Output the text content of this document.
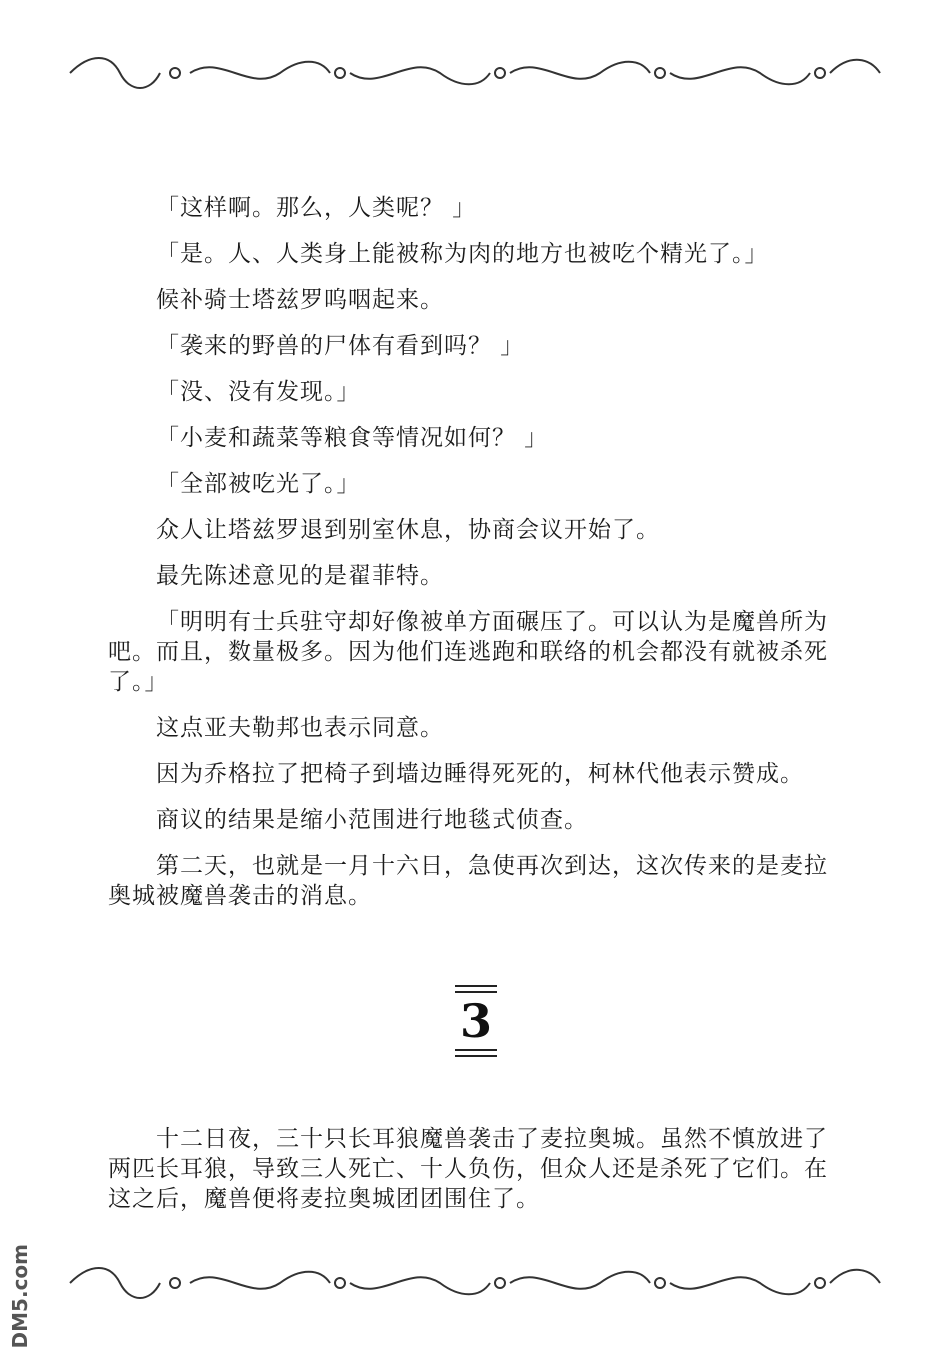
「这样啊。那么，人类呢？ 」

「是。人、人类身上能被称为肉的地方也被吃个精光了。」

候补骑士塔兹罗呜咽起来。

「袭来的野兽的尸体有看到吗？ 」

「没、没有发现。」

「小麦和蔬菜等粮食等情况如何？ 」

「全部被吃光了。」

众人让塔兹罗退到别室休息，协商会议开始了。

最先陈述意见的是翟菲特。

「明明有士兵驻守却好像被单方面碾压了。可以认为是魔兽所为吧。而且，数量极多。因为他们连逃跑和联络的机会都没有就被杀死了。」

这点亚夫勒邦也表示同意。

因为乔格拉了把椅子到墙边睡得死死的，柯林代他表示赞成。

商议的结果是缩小范围进行地毯式侦查。

第二天，也就是一月十六日，急使再次到达，这次传来的是麦拉奥城被魔兽袭击的消息。

3

十二日夜，三十只长耳狼魔兽袭击了麦拉奥城。虽然不慎放进了两匹长耳狼，导致三人死亡、十人负伤，但众人还是杀死了它们。在这之后，魔兽便将麦拉奥城团团围住了。

DM5.com
